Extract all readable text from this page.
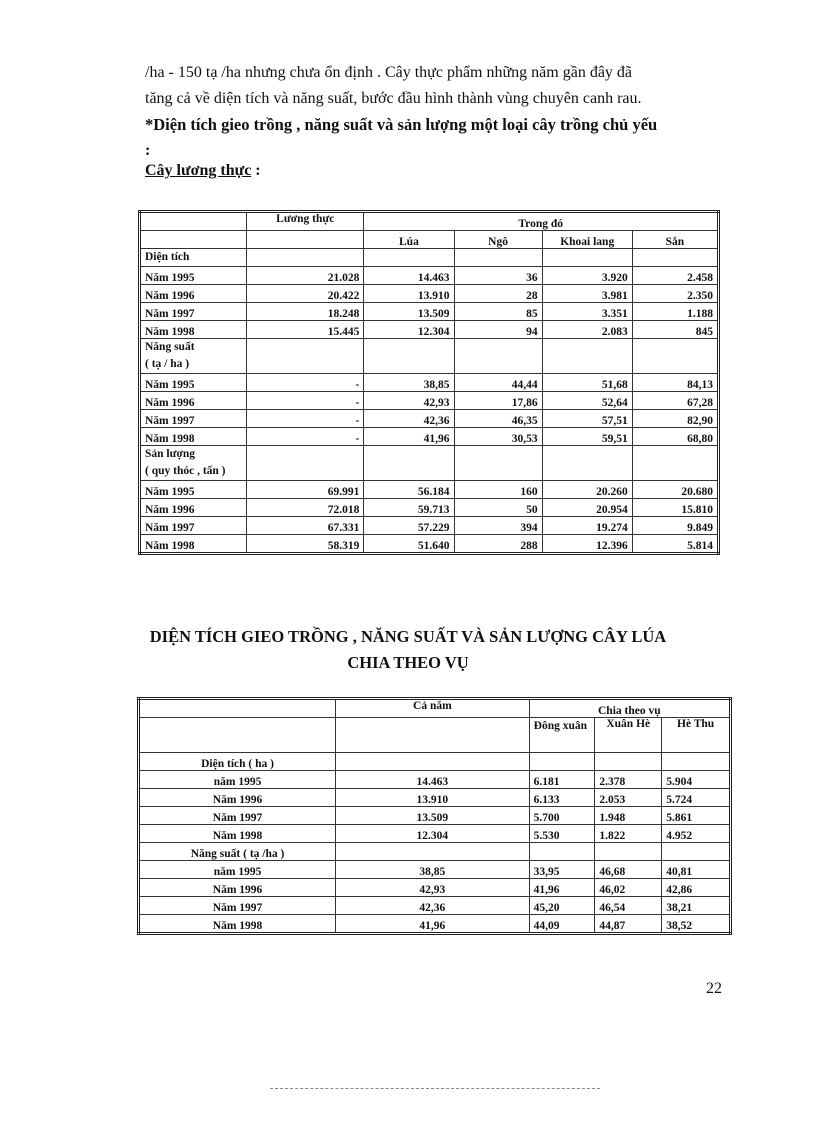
/ha - 150 tạ /ha nhưng chưa ổn định . Cây thực phẩm những năm gần đây đã
tăng cả về diện tích và năng suất, bước đầu hình thành vùng chuyên canh rau.
*Diện tích gieo trồng , năng suất và sản lượng một loại cây trồng chủ yếu
:
Cây lương thực :
	Lương thực	Trong đó			
		Lúa	Ngô	Khoai lang	Sắn

Diện tích					

Năm 1995	21.028	14.463	36	3.920	2.458
Năm 1996	20.422	13.910	28	3.981	2.350
Năm 1997	18.248	13.509	85	3.351	1.188
Năm 1998	15.445	12.304	94	2.083	845

Năng suất
( tạ / ha )					

Năm 1995	-	38,85	44,44	51,68	84,13
Năm 1996	-	42,93	17,86	52,64	67,28
Năm 1997	-	42,36	46,35	57,51	82,90
Năm 1998	-	41,96	30,53	59,51	68,80

Sản lượng
( quy thóc , tấn )					

Năm 1995	69.991	56.184	160	20.260	20.680
Năm 1996	72.018	59.713	50	20.954	15.810
Năm 1997	67.331	57.229	394	19.274	9.849
Năm 1998	58.319	51.640	288	12.396	5.814
DIỆN TÍCH GIEO TRỒNG , NĂNG SUẤT VÀ SẢN LƯỢNG CÂY LÚA
CHIA THEO VỤ
	Cả năm	Chia theo vụ		
		Đông xuân	Xuân Hè	Hè Thu
Diện tích ( ha )				
năm 1995	14.463	6.181	2.378	5.904
Năm 1996	13.910	6.133	2.053	5.724
Năm 1997	13.509	5.700	1.948	5.861
Năm 1998	12.304	5.530	1.822	4.952
Năng suất ( tạ /ha )				
năm 1995	38,85	33,95	46,68	40,81
Năm 1996	42,93	41,96	46,02	42,86
Năm 1997	42,36	45,20	46,54	38,21
Năm 1998	41,96	44,09	44,87	38,52
22
